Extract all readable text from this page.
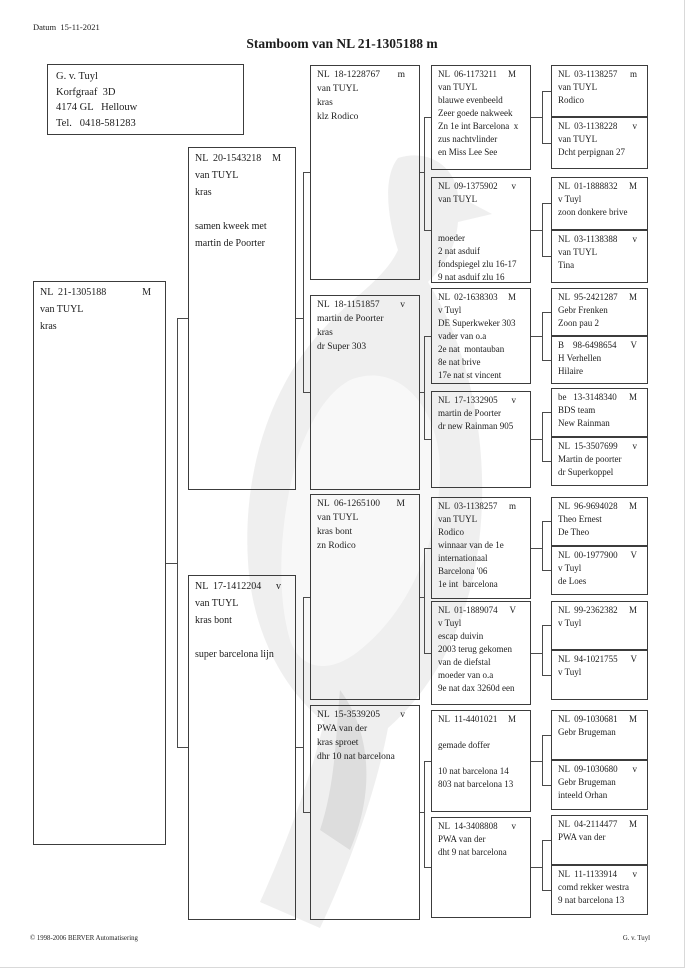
Datum  15-11-2021
Stamboom van NL 21-1305188 m
G. v. Tuyl
Korfgraaf  3D
4174 GL   Hellouw
Tel.   0418-581283
NL  21-1305188	M
van TUYL
kras
NL  20-1543218 M
van TUYL
kras

samen kweek met
martin de Poorter
NL  17-1412204 v
van TUYL
kras bont

super barcelona lijn
NL  18-1228767 m
van TUYL
kras
klz Rodico
NL  18-1151857 v
martin de Poorter
kras
dr Super 303
NL  06-1265100 M
van TUYL
kras bont
zn Rodico
NL  15-3539205 v
PWA van der
kras sproet
dhr 10 nat barcelona
NL  06-1173211 M
van TUYL
blauwe evenbeeld
Zeer goede nakweek
Zn 1e int Barcelona  x
zus nachtvlinder
en Miss Lee See
NL  09-1375902 v
van TUYL

moeder
2 nat asduif
fondspiegel zlu 16-17
9 nat asduif zlu 16
NL  02-1638303 M
v Tuyl
DE Superkweker 303
vader van o.a
2e nat  montauban
8e nat brive
17e nat st vincent
NL  17-1332905 v
martin de Poorter
dr new Rainman 905
NL  03-1138257 m
van TUYL
Rodico
winnaar van de 1e
internationaal
Barcelona '06
1e int  barcelona
NL  01-1889074 V
v Tuyl
escap duivin
2003 terug gekomen
van de diefstal
moeder van o.a
9e nat dax 3260d een
NL  11-4401021 M

gemade doffer

10 nat barcelona 14
803 nat barcelona 13
NL  14-3408808 v
PWA van der
dht 9 nat barcelona
NL  03-1138257 m
van TUYL
Rodico
NL  03-1138228 v
van TUYL
Dcht perpignan 27
NL  01-1888832 M
v Tuyl
zoon donkere brive
NL  03-1138388 v
van TUYL
Tina
NL  95-2421287 M
Gebr Frenken
Zoon pau 2
B    98-6498654 V
H Verhellen
Hilaire
be   13-3148340 M
BDS team
New Rainman
NL  15-3507699 v
Martin de poorter
dr Superkoppel
NL  96-9694028 M
Theo Ernest
De Theo
NL  00-1977900 V
v Tuyl
de Loes
NL  99-2362382 M
v Tuyl
NL  94-1021755 V
v Tuyl
NL  09-1030681 M
Gebr Brugeman
NL  09-1030680 v
Gebr Brugeman
inteeld Orhan
NL  04-2114477 M
PWA van der
NL  11-1133914 v
comd rekker westra
9 nat barcelona 13
© 1998-2006 BERVER Automatisering	G. v. Tuyl
